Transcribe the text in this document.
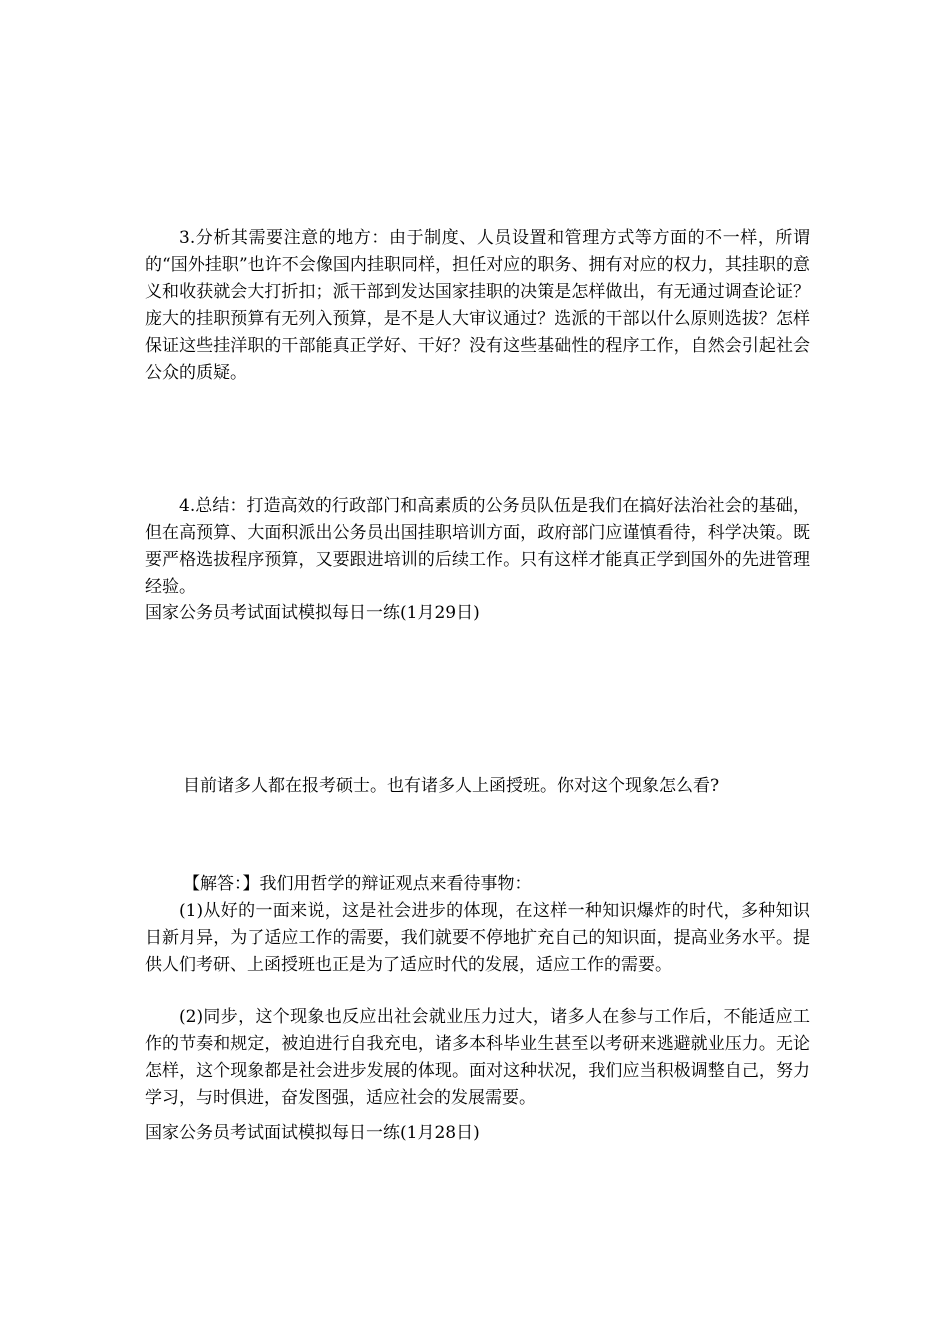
3.分析其需要注意的地方：由于制度、人员设置和管理方式等方面的不一样，所谓的“国外挂职”也许不会像国内挂职同样，担任对应的职务、拥有对应的权力，其挂职的意义和收获就会大打折扣；派干部到发达国家挂职的决策是怎样做出，有无通过调查论证？庞大的挂职预算有无列入预算，是不是人大审议通过？选派的干部以什么原则选拔？怎样保证这些挂洋职的干部能真正学好、干好？没有这些基础性的程序工作，自然会引起社会公众的质疑。

4.总结：打造高效的行政部门和高素质的公务员队伍是我们在搞好法治社会的基础，但在高预算、大面积派出公务员出国挂职培训方面，政府部门应谨慎看待，科学决策。既要严格选拔程序预算，又要跟进培训的后续工作。只有这样才能真正学到国外的先进管理经验。

国家公务员考试面试模拟每日一练(1月29日)

目前诸多人都在报考硕士。也有诸多人上函授班。你对这个现象怎么看?

【解答：】我们用哲学的辩证观点来看待事物：

(1)从好的一面来说，这是社会进步的体现，在这样一种知识爆炸的时代，多种知识日新月异，为了适应工作的需要，我们就要不停地扩充自己的知识面，提高业务水平。提供人们考研、上函授班也正是为了适应时代的发展，适应工作的需要。

(2)同步，这个现象也反应出社会就业压力过大，诸多人在参与工作后，不能适应工作的节奏和规定，被迫进行自我充电，诸多本科毕业生甚至以考研来逃避就业压力。无论怎样，这个现象都是社会进步发展的体现。面对这种状况，我们应当积极调整自己，努力学习，与时俱进，奋发图强，适应社会的发展需要。

国家公务员考试面试模拟每日一练(1月28日)
